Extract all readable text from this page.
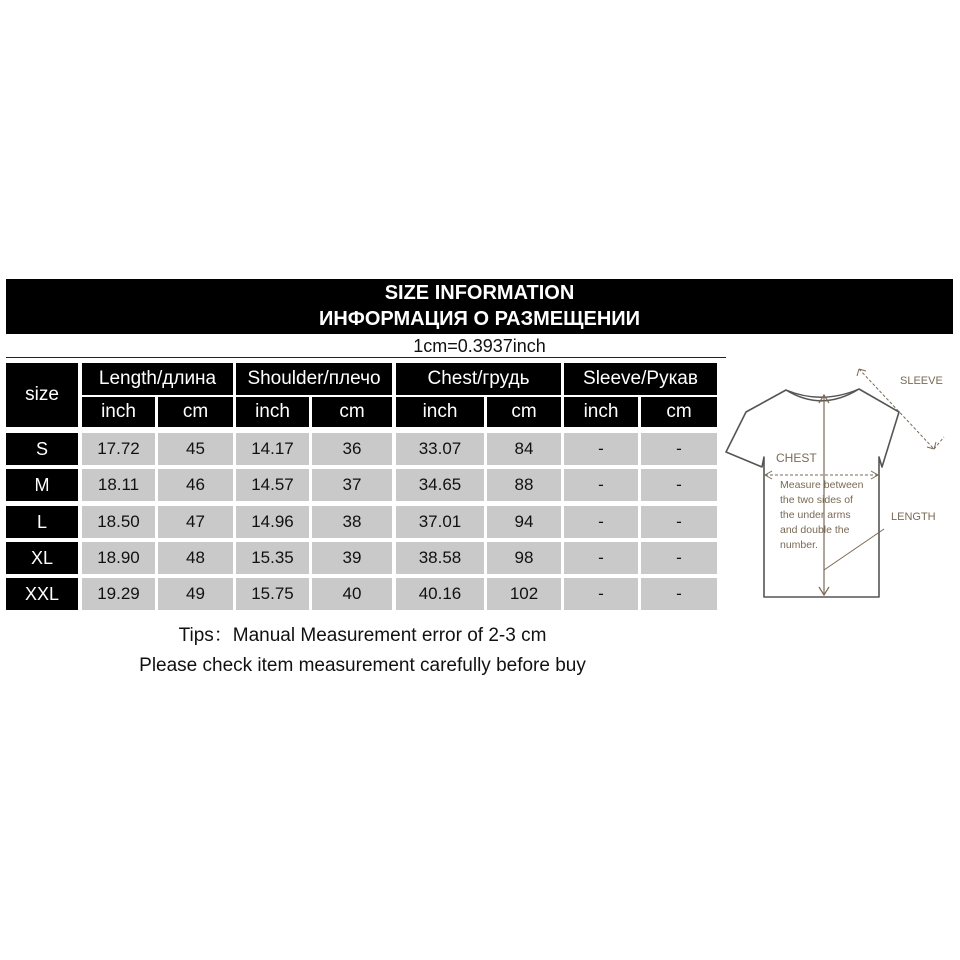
SIZE INFORMATION
ИНФОРМАЦИЯ О РАЗМЕЩЕНИИ
1cm=0.3937inch
size
Length/длина
inch	cm
Shoulder/плечо
inch	cm
Chest/грудь
inch	cm
Sleeve/Рукав
inch	cm
S	17.72	45	14.17	36	33.07	84	-	-
M	18.11	46	14.57	37	34.65	88	-	-
L	18.50	47	14.96	38	37.01	94	-	-
XL	18.90	48	15.35	39	38.58	98	-	-
XXL	19.29	49	15.75	40	40.16	102	-	-
Tips：Manual Measurement error of 2-3 cm
Please check item measurement carefully before buy
SLEEVE
CHEST
LENGTH
Measure between
the two sides of
the under arms
and double the
number.
